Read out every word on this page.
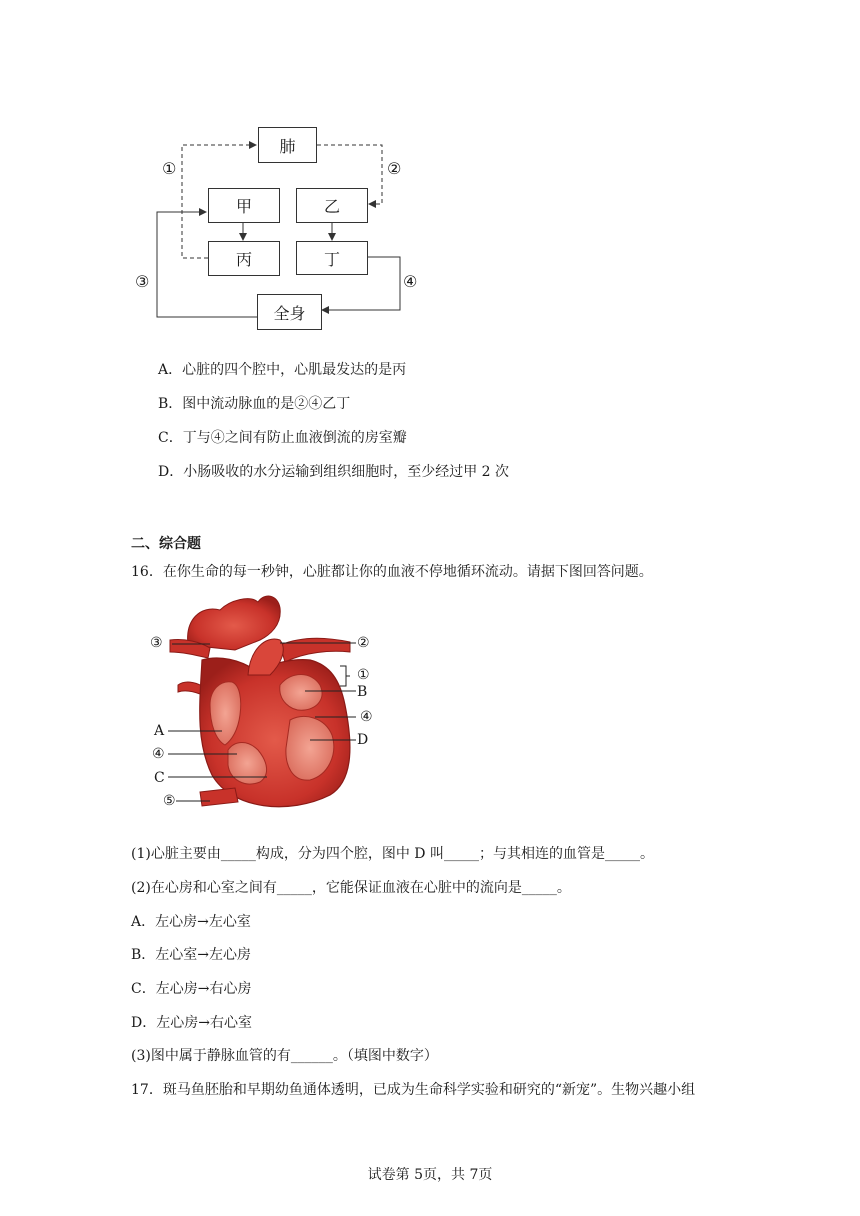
肺
甲	乙
丙	丁
全身
①	②
③	④
A．心脏的四个腔中，心肌最发达的是丙
B．图中流动脉血的是②④乙丁
C．丁与④之间有防止血液倒流的房室瓣
D．小肠吸收的水分运输到组织细胞时，至少经过甲 2 次
二、综合题
16．在你生命的每一秒钟，心脏都让你的血液不停地循环流动。请据下图回答问题。
③	②
①
B
④
D
A
④
C
⑤
(1)心脏主要由_____构成，分为四个腔，图中 D 叫_____；与其相连的血管是_____。
(2)在心房和心室之间有_____，它能保证血液在心脏中的流向是_____。
A．左心房→左心室
B．左心室→左心房
C．左心房→右心房
D．左心房→右心室
(3)图中属于静脉血管的有______。（填图中数字）
17．斑马鱼胚胎和早期幼鱼通体透明，已成为生命科学实验和研究的“新宠”。生物兴趣小组
试卷第 5页，共 7页
